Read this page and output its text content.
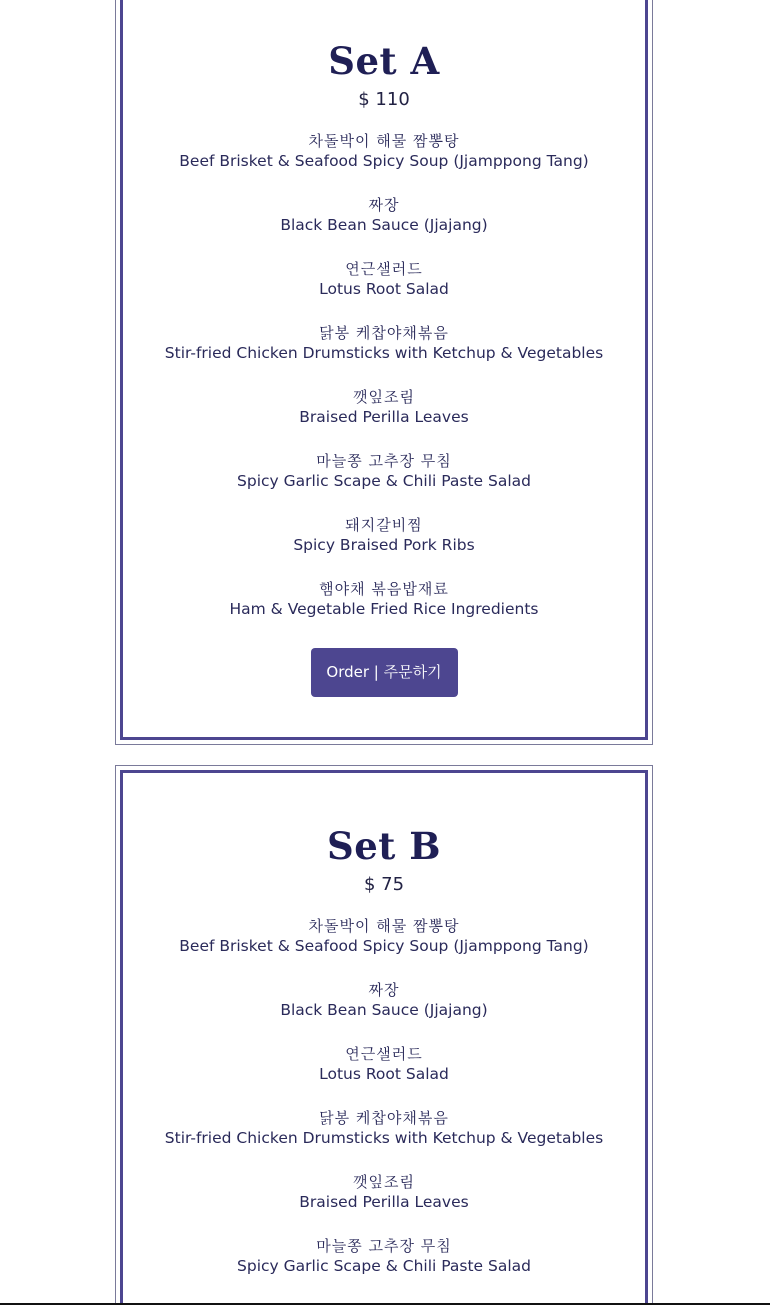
Set A
$ 110
차돌박이 해물 짬뽕탕
Beef Brisket & Seafood Spicy Soup (Jjamppong Tang)
짜장
Black Bean Sauce (Jjajang)
연근샐러드
Lotus Root Salad
닭봉 케찹야채볶음
Stir-fried Chicken Drumsticks with Ketchup & Vegetables
깻잎조림
Braised Perilla Leaves
마늘쫑 고추장 무침
Spicy Garlic Scape & Chili Paste Salad
돼지갈비찜
Spicy Braised Pork Ribs
햄야채 볶음밥재료
Ham & Vegetable Fried Rice Ingredients
Order | 주문하기
Set B
$ 75
차돌박이 해물 짬뽕탕
Beef Brisket & Seafood Spicy Soup (Jjamppong Tang)
짜장
Black Bean Sauce (Jjajang)
연근샐러드
Lotus Root Salad
닭봉 케찹야채볶음
Stir-fried Chicken Drumsticks with Ketchup & Vegetables
깻잎조림
Braised Perilla Leaves
마늘쫑 고추장 무침
Spicy Garlic Scape & Chili Paste Salad
